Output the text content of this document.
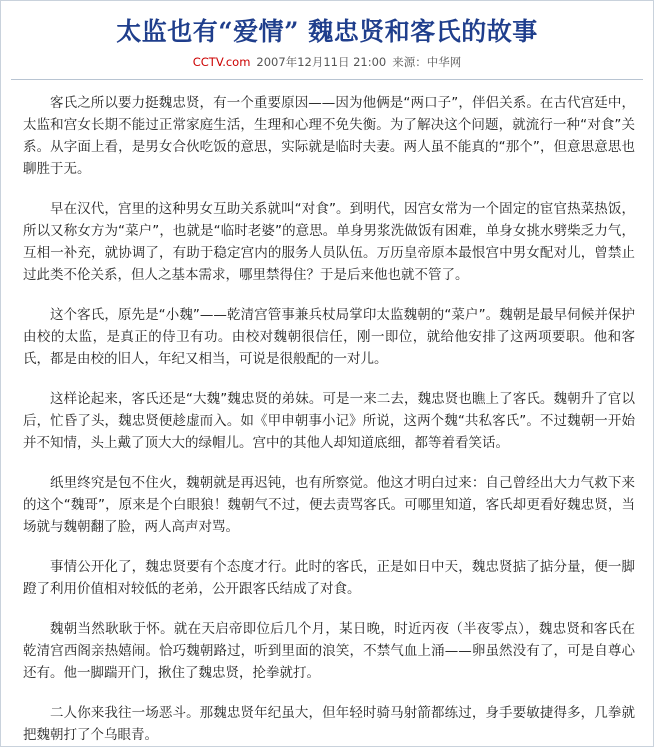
太监也有“爱情” 魏忠贤和客氏的故事
CCTV.com 2007年12月11日 21:00 来源：中华网

客氏之所以要力挺魏忠贤，有一个重要原因——因为他俩是“两口子”，伴侣关系。在古代宫廷中，太监和宫女长期不能过正常家庭生活，生理和心理不免失衡。为了解决这个问题，就流行一种“对食”关系。从字面上看，是男女合伙吃饭的意思，实际就是临时夫妻。两人虽不能真的“那个”，但意思意思也聊胜于无。

早在汉代，宫里的这种男女互助关系就叫“对食”。到明代，因宫女常为一个固定的宦官热菜热饭，所以又称女方为“菜户”，也就是“临时老婆”的意思。单身男浆洗做饭有困难，单身女挑水劈柴乏力气，互相一补充，就协调了，有助于稳定宫内的服务人员队伍。万历皇帝原本最恨宫中男女配对儿，曾禁止过此类不伦关系，但人之基本需求，哪里禁得住？于是后来他也就不管了。

这个客氏，原先是“小魏”——乾清宫管事兼兵杖局掌印太监魏朝的“菜户”。魏朝是最早伺候并保护由校的太监，是真正的侍卫有功。由校对魏朝很信任，刚一即位，就给他安排了这两项要职。他和客氏，都是由校的旧人，年纪又相当，可说是很般配的一对儿。

这样论起来，客氏还是“大魏”魏忠贤的弟妹。可是一来二去，魏忠贤也瞧上了客氏。魏朝升了官以后，忙昏了头，魏忠贤便趁虚而入。如《甲申朝事小记》所说，这两个魏“共私客氏”。不过魏朝一开始并不知情，头上戴了顶大大的绿帽儿。宫中的其他人却知道底细，都等着看笑话。

纸里终究是包不住火，魏朝就是再迟钝，也有所察觉。他这才明白过来：自己曾经出大力气救下来的这个“魏哥”，原来是个白眼狼！魏朝气不过，便去责骂客氏。可哪里知道，客氏却更看好魏忠贤，当场就与魏朝翻了脸，两人高声对骂。

事情公开化了，魏忠贤要有个态度才行。此时的客氏，正是如日中天，魏忠贤掂了掂分量，便一脚蹬了利用价值相对较低的老弟，公开跟客氏结成了对食。

魏朝当然耿耿于怀。就在天启帝即位后几个月，某日晚，时近丙夜（半夜零点），魏忠贤和客氏在乾清宫西阁亲热嬉闹。恰巧魏朝路过，听到里面的浪笑，不禁气血上涌——卵虽然没有了，可是自尊心还有。他一脚踹开门，揪住了魏忠贤，抡拳就打。

二人你来我往一场恶斗。那魏忠贤年纪虽大，但年轻时骑马射箭都练过，身手要敏捷得多，几拳就把魏朝打了个乌眼青。
